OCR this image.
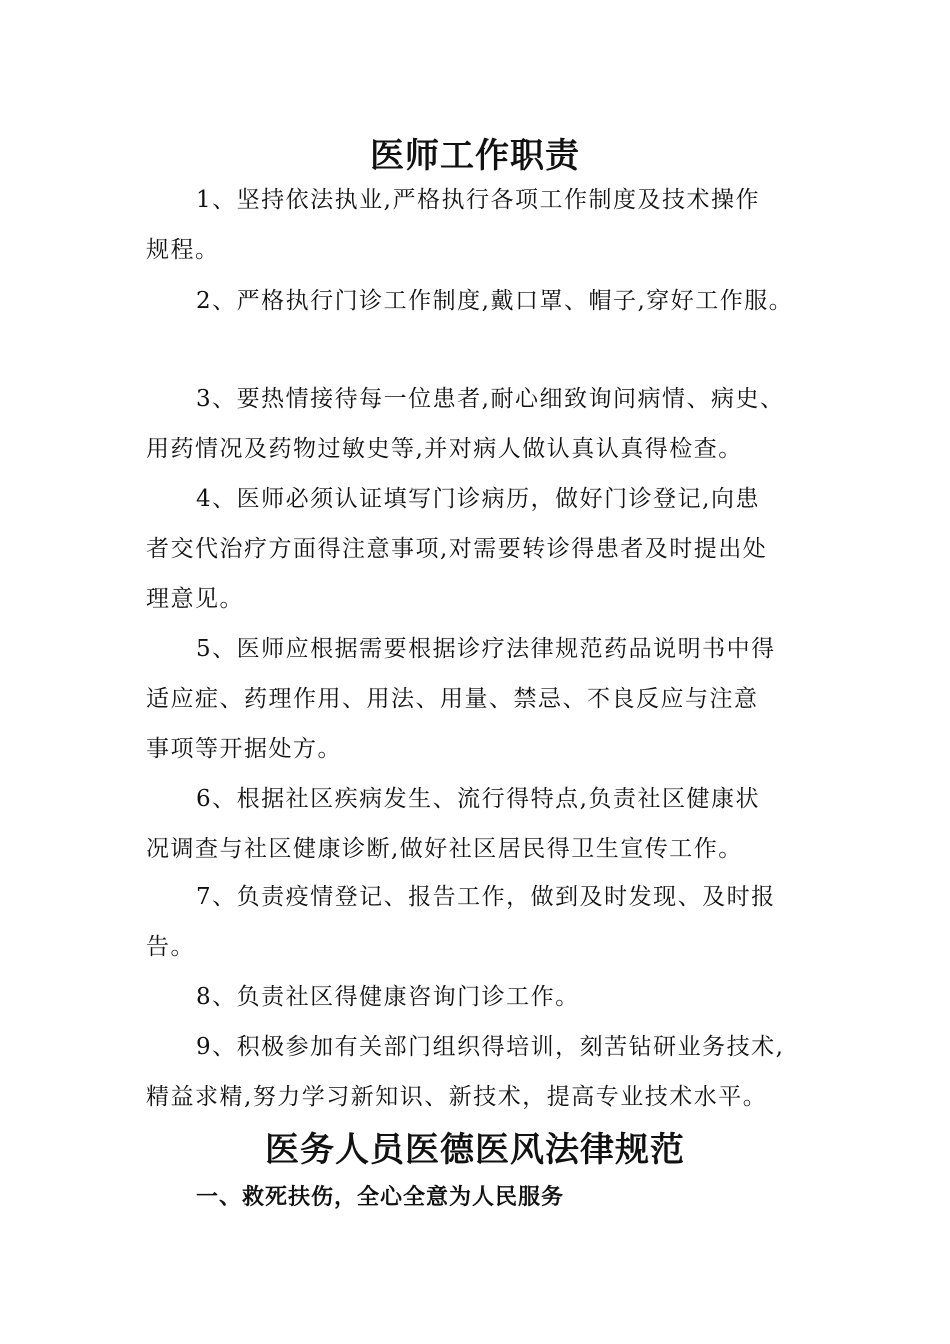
医师工作职责
1、坚持依法执业,严格执行各项工作制度及技术操作
规程。
2、严格执行门诊工作制度,戴口罩、帽子,穿好工作服。
3、要热情接待每一位患者,耐心细致询问病情、病史、
用药情况及药物过敏史等,并对病人做认真认真得检查。
4、医师必须认证填写门诊病历，做好门诊登记,向患
者交代治疗方面得注意事项,对需要转诊得患者及时提出处
理意见。
5、医师应根据需要根据诊疗法律规范药品说明书中得
适应症、药理作用、用法、用量、禁忌、不良反应与注意
事项等开据处方。
6、根据社区疾病发生、流行得特点,负责社区健康状
况调查与社区健康诊断,做好社区居民得卫生宣传工作。
7、负责疫情登记、报告工作，做到及时发现、及时报
告。
8、负责社区得健康咨询门诊工作。
9、积极参加有关部门组织得培训，刻苦钻研业务技术,
精益求精,努力学习新知识、新技术，提高专业技术水平。
医务人员医德医风法律规范
一、救死扶伤，全心全意为人民服务
